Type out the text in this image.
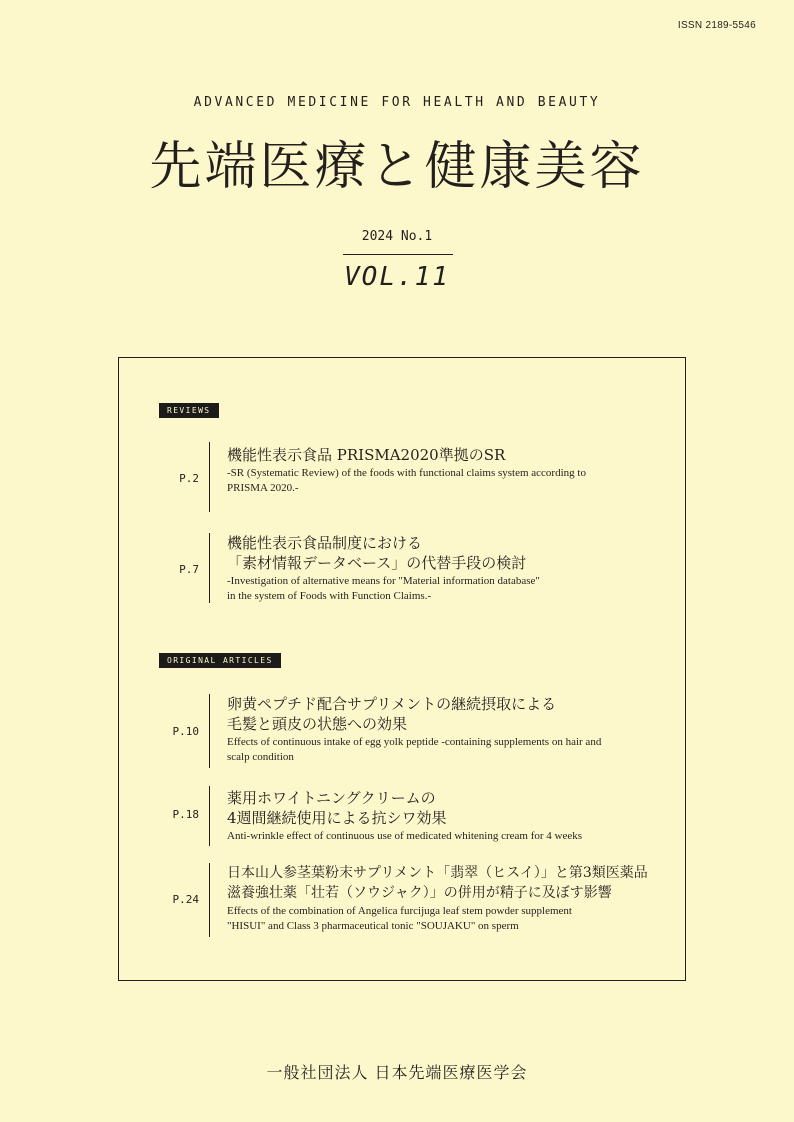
ISSN 2189-5546
ADVANCED MEDICINE FOR HEALTH AND BEAUTY
先端医療と健康美容
2024 No.1
VOL.11
REVIEWS
P.2
機能性表示食品 PRISMA2020準拠のSR
-SR (Systematic Review) of the foods with functional claims system according to
PRISMA 2020.-
P.7
機能性表示食品制度における
「素材情報データベース」の代替手段の検討
-Investigation of alternative means for "Material information database"
in the system of Foods with Function Claims.-
ORIGINAL ARTICLES
P.10
卵黄ペプチド配合サプリメントの継続摂取による
毛髪と頭皮の状態への効果
Effects of continuous intake of egg yolk peptide -containing supplements on hair and
scalp condition
P.18
薬用ホワイトニングクリームの
4週間継続使用による抗シワ効果
Anti-wrinkle effect of continuous use of medicated whitening cream for 4 weeks
P.24
日本山人参茎葉粉末サプリメント「翡翠（ヒスイ）」と第3類医薬品
滋養強壮薬「壮若（ソウジャク）」の併用が精子に及ぼす影響
Effects of the combination of Angelica furcijuga leaf stem powder supplement
"HISUI" and Class 3 pharmaceutical tonic "SOUJAKU" on sperm
一般社団法人 日本先端医療医学会
